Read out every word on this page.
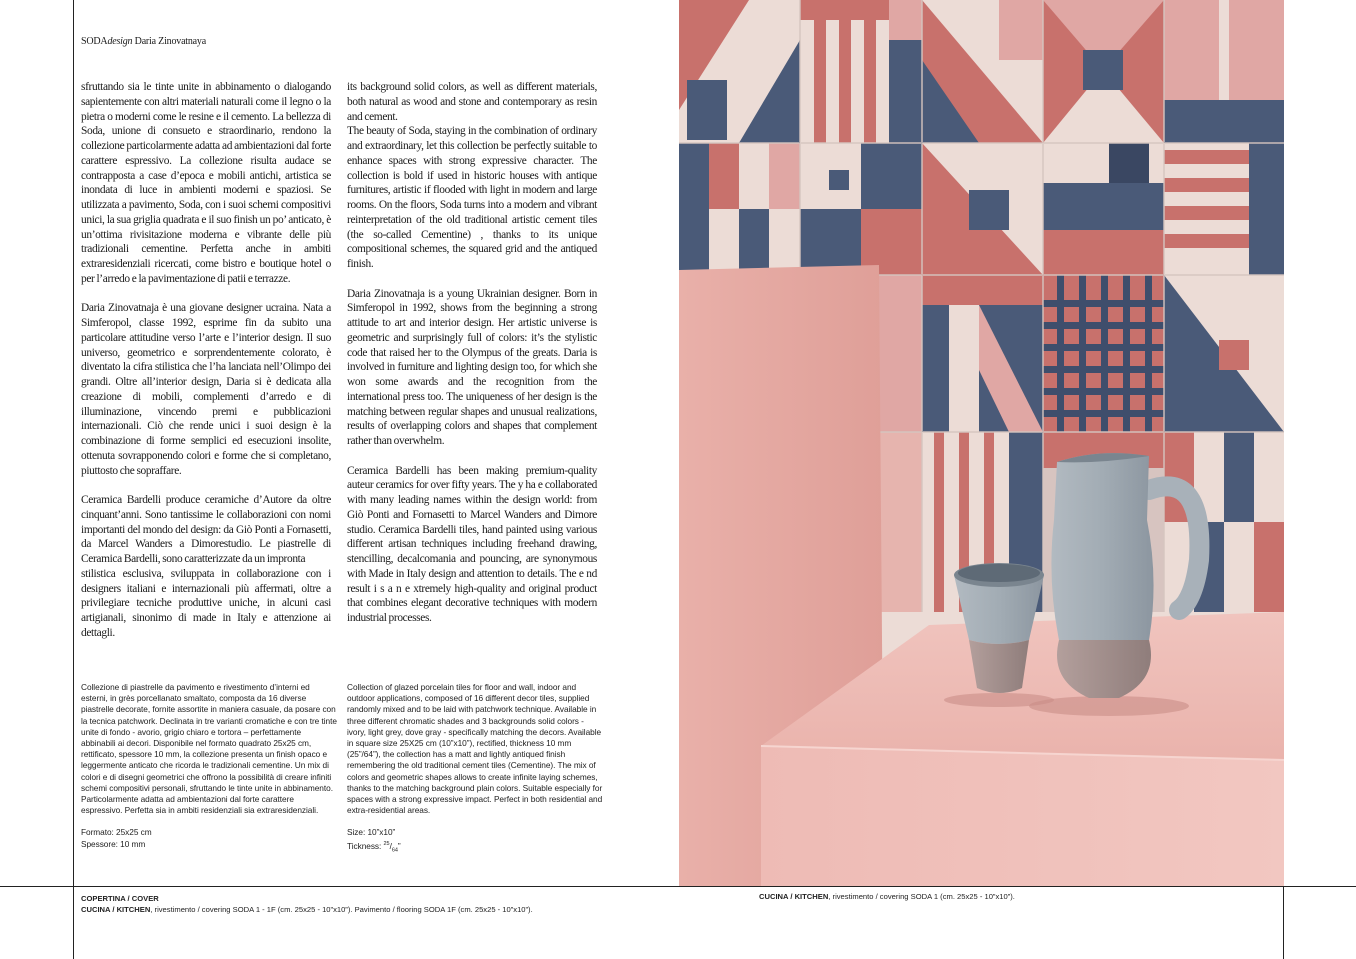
SODAdesign Daria Zinovatnaya

sfruttando sia le tinte unite in abbinamento o dialogando sapientemente con altri materiali naturali come il legno o la pietra o moderni come le resine e il cemento. La bellezza di Soda, unione di consueto e straordinario, rendono la collezione particolarmente adatta ad ambientazioni dal forte carattere espressivo. La collezione risulta audace se contrapposta a case d’epoca e mobili antichi, artistica se inondata di luce in ambienti moderni e spaziosi. Se utilizzata a pavimento, Soda, con i suoi schemi compositivi unici, la sua griglia quadrata e il suo finish un po’ anticato, è un’ottima rivisitazione moderna e vibrante delle più tradizionali cementine. Perfetta anche in ambiti extraresidenziali ricercati, come bistro e boutique hotel o per l’arredo e la pavimentazione di patii e terrazze.

Daria Zinovatnaja è una giovane designer ucraina. Nata a Simferopol, classe 1992, esprime fin da subito una particolare attitudine verso l’arte e l’interior design. Il suo universo, geometrico e sorprendentemente colorato, è diventato la cifra stilistica che l’ha lanciata nell’Olimpo dei grandi. Oltre all’interior design, Daria si è dedicata alla creazione di mobili, complementi d’arredo e di illuminazione, vincendo premi e pubblicazioni internazionali. Ciò che rende unici i suoi design è la combinazione di forme semplici ed esecuzioni insolite, ottenuta sovrapponendo colori e forme che si completano, piuttosto che sopraffare.

Ceramica Bardelli produce ceramiche d’Autore da oltre cinquant’anni. Sono tantissime le collaborazioni con nomi importanti del mondo del design: da Giò Ponti a Fornasetti, da Marcel Wanders a Dimorestudio. Le piastrelle di Ceramica Bardelli, sono caratterizzate da un impronta

stilistica esclusiva, sviluppata in collaborazione con i designers italiani e internazionali più affermati, oltre a privilegiare tecniche produttive uniche, in alcuni casi artigianali, sinonimo di made in Italy e attenzione ai dettagli.

its background solid colors, as well as different materials, both natural as wood and stone and contemporary as resin and cement.

The beauty of Soda, staying in the combination of ordinary and extraordinary, let this collection be perfectly suitable to enhance spaces with strong expressive character. The collection is bold if used in historic houses with antique furnitures, artistic if flooded with light in modern and large rooms. On the floors, Soda turns into a modern and vibrant reinterpretation of the old traditional artistic cement tiles (the so-called Cementine) , thanks to its unique compositional schemes, the squared grid and the antiqued finish.

Daria Zinovatnaja is a young Ukrainian designer. Born in Simferopol in 1992, shows from the beginning a strong attitude to art and interior design. Her artistic universe is geometric and surprisingly full of colors: it’s the stylistic code that raised her to the Olympus of the greats. Daria is involved in furniture and lighting design too, for which she won some awards and the recognition from the international press too. The uniqueness of her design is the matching between regular shapes and unusual realizations, results of overlapping colors and shapes that complement rather than overwhelm.

Ceramica Bardelli has been making premium-quality auteur ceramics for over fifty years. The y ha e collaborated with many leading names within the design world: from Giò Ponti and Fornasetti to Marcel Wanders and Dimore studio. Ceramica Bardelli tiles, hand painted using various different artisan techniques including freehand drawing, stencilling, decalcomania and pouncing, are synonymous with Made in Italy design and attention to details. The e nd result i s a n e xtremely high-quality and original product that combines elegant decorative techniques with modern industrial processes.

Collezione di piastrelle da pavimento e rivestimento d’interni ed esterni, in grès porcellanato smaltato, composta da 16 diverse piastrelle decorate, fornite assortite in maniera casuale, da posare con la tecnica patchwork. Declinata in tre varianti cromatiche e con tre tinte unite di fondo - avorio, grigio chiaro e tortora – perfettamente abbinabili ai decori. Disponibile nel formato quadrato 25x25 cm, rettificato, spessore 10 mm, la collezione presenta un finish opaco e leggermente anticato che ricorda le tradizionali cementine. Un mix di colori e di disegni geometrici che offrono la possibilità di creare infiniti schemi compositivi personali, sfruttando le tinte unite in abbinamento. Particolarmente adatta ad ambientazioni dal forte carattere espressivo. Perfetta sia in ambiti residenziali sia extraresidenziali.

Formato: 25x25 cm

Spessore: 10 mm

Collection of glazed porcelain tiles for floor and wall, indoor and outdoor applications, composed of 16 different decor tiles, supplied randomly mixed and to be laid with patchwork technique. Available in three different chromatic shades and 3 backgrounds solid colors - ivory, light grey, dove gray - specifically matching the decors. Available in square size 25X25 cm (10”x10”), rectified, thickness 10 mm (25”/64”), the collection has a matt and lightly antiqued finish remembering the old traditional cement tiles (Cementine). The mix of colors and geometric shapes allows to create infinite laying schemes, thanks to the matching background plain colors. Suitable especially for spaces with a strong expressive impact. Perfect in both residential and extra-residential areas.

Size: 10”x10”

Tickness: $^{25}/_{64}$”

COPERTINA / COVER
CUCINA / KITCHEN, rivestimento / covering SODA 1 - 1F (cm. 25x25 - 10”x10”). Pavimento / flooring SODA 1F (cm. 25x25 - 10”x10”).
CUCINA / KITCHEN, rivestimento / covering SODA 1 (cm. 25x25 - 10”x10”).
